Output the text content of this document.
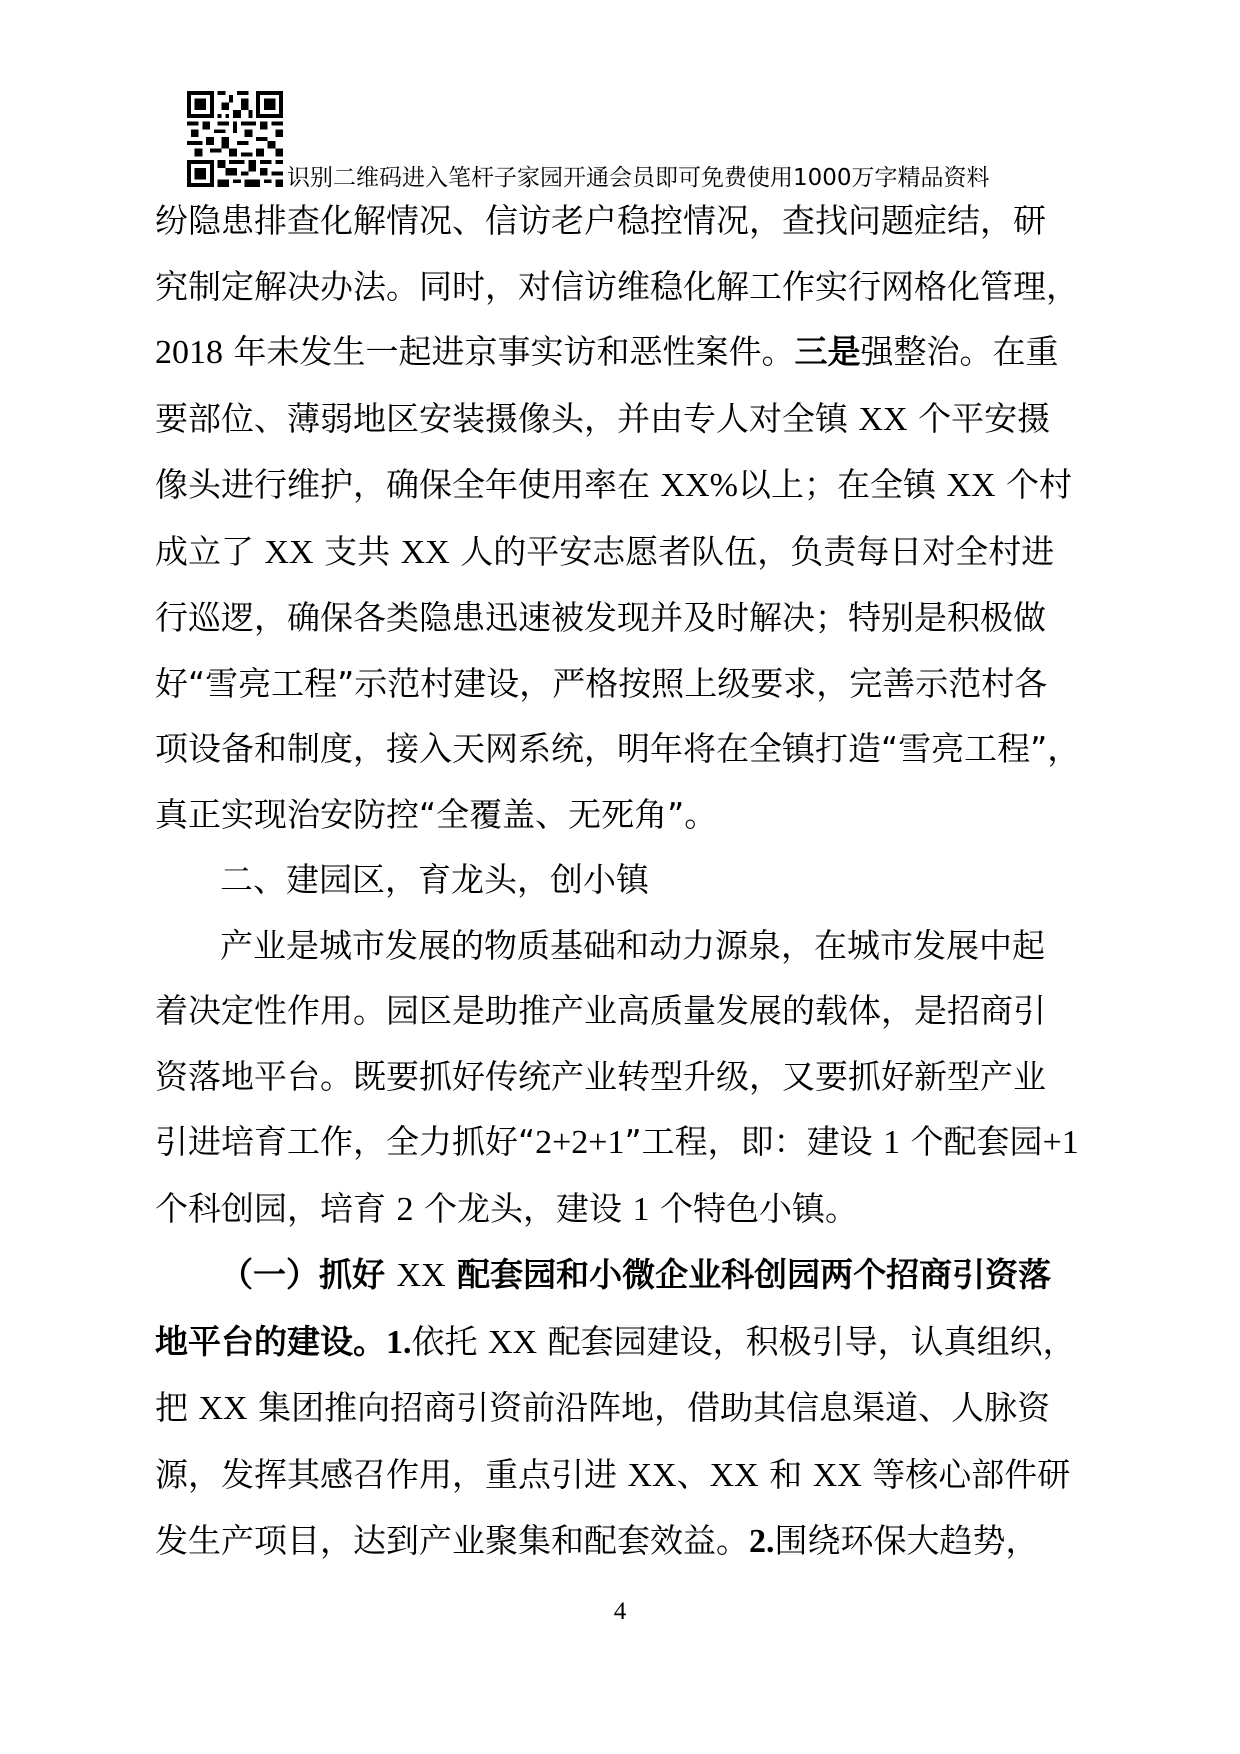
识别二维码进入笔杆子家园开通会员即可免费使用1000万字精品资料

纷隐患排查化解情况、信访老户稳控情况，查找问题症结，研

究制定解决办法。同时，对信访维稳化解工作实行网格化管理，

2018 年未发生一起进京事实访和恶性案件。三是强整治。在重

要部位、薄弱地区安装摄像头，并由专人对全镇 XX 个平安摄

像头进行维护，确保全年使用率在 XX%以上；在全镇 XX 个村

成立了 XX 支共 XX 人的平安志愿者队伍，负责每日对全村进

行巡逻，确保各类隐患迅速被发现并及时解决；特别是积极做

好“雪亮工程”示范村建设，严格按照上级要求，完善示范村各

项设备和制度，接入天网系统，明年将在全镇打造“雪亮工程”，

真正实现治安防控“全覆盖、无死角”。

二、建园区，育龙头，创小镇

产业是城市发展的物质基础和动力源泉，在城市发展中起

着决定性作用。园区是助推产业高质量发展的载体，是招商引

资落地平台。既要抓好传统产业转型升级，又要抓好新型产业

引进培育工作，全力抓好“2+2+1”工程，即：建设 1 个配套园+1

个科创园，培育 2 个龙头，建设 1 个特色小镇。

（一）抓好 XX 配套园和小微企业科创园两个招商引资落

地平台的建设。1.依托 XX 配套园建设，积极引导，认真组织，

把 XX 集团推向招商引资前沿阵地，借助其信息渠道、人脉资

源，发挥其感召作用，重点引进 XX、XX 和 XX 等核心部件研

发生产项目，达到产业聚集和配套效益。2.围绕环保大趋势，

4
